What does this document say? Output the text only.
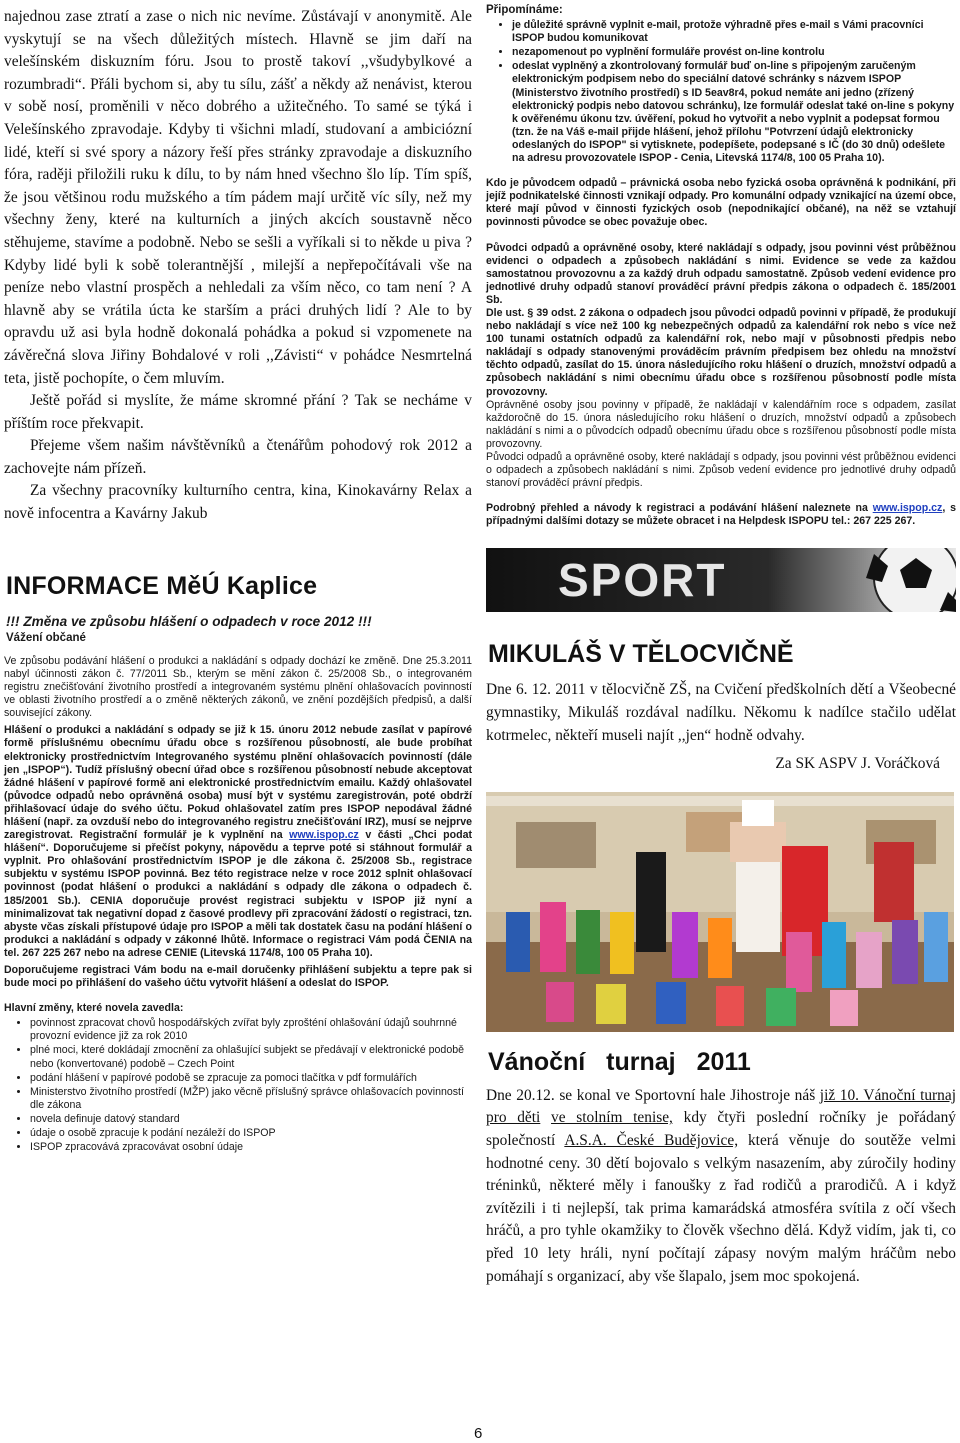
najednou zase ztratí a zase o nich nic nevíme. Zůstávají v anonymitě. Ale vyskytují se na všech důležitých místech. Hlavně se jim daří na velešínském diskuzním fóru. Jsou to prostě takoví ,,všudybylkové a rozumbradi“. Přáli bychom si, aby tu sílu, zášť a někdy až nenávist, kterou v sobě nosí, proměnili v něco dobrého a užitečného. To samé se týká i Velešínského zpravodaje. Kdyby ti všichni mladí, studovaní a ambiciózní lidé, kteří si své spory a názory řeší přes stránky zpravodaje a diskuzního fóra, raději přiložili ruku k dílu, to by nám hned všechno šlo líp. Tím spíš, že jsou většinou rodu mužského a tím pádem mají určitě víc síly, než my všechny ženy, které na kulturních a jiných akcích soustavně něco stěhujeme, stavíme a podobně. Nebo se sešli a vyříkali si to někde u piva ? Kdyby lidé byli k sobě tolerantnější , milejší a nepřepočítávali vše na peníze nebo vlastní prospěch a nehledali za vším něco, co tam není ? A hlavně aby se vrátila úcta ke starším a práci druhých lidí ? Ale to by opravdu už asi byla hodně dokonalá pohádka a pokud si vzpomenete na závěrečná slova Jiřiny Bohdalové v roli ,,Závisti“ v pohádce Nesmrtelná teta, jistě pochopíte, o čem mluvím.

Ještě pořád si myslíte, že máme skromné přání ? Tak se necháme v příštím roce překvapit.

Přejeme všem našim návštěvníků a čtenářům pohodový rok 2012 a zachovejte nám přízeň.

Za všechny pracovníky kulturního centra, kina, Kinokavárny Relax a nově infocentra a Kavárny Jakub

INFORMACE MěÚ Kaplice

!!! Změna ve způsobu hlášení o odpadech v roce 2012 !!!

Vážení občané

Ve způsobu podávání hlášení o produkci a nakládání s odpady dochází ke změně. Dne 25.3.2011 nabyl účinnosti zákon č. 77/2011 Sb., kterým se mění zákon č. 25/2008 Sb., o integrovaném registru znečišťování životního prostředí a integrovaném systému plnění ohlašovacích povinností ve oblasti životního prostředí a o změně některých zákonů, ve znění pozdějších předpisů, a další související zákony.

Hlášení o produkci a nakládání s odpady se již k 15. únoru 2012 nebude zasílat v papírové formě příslušnému obecnímu úřadu obce s rozšířenou působností, ale bude probíhat elektronicky prostřednictvím Integrovaného systému plnění ohlašovacích povinností (dále jen „ISPOP“). Tudíž příslušný obecní úřad obce s rozšířenou působností nebude akceptovat žádné hlášení v papírové formě ani elektronické prostřednictvím emailu. Každý ohlašovatel (původce odpadů nebo oprávněná osoba) musí být v systému zaregistrován, poté obdrží přihlašovací údaje do svého účtu. Pokud ohlašovatel zatím pres ISPOP nepodával žádné hlášení (např. za ovzduší nebo do integrovaného registru znečišťování IRZ), musí se nejprve zaregistrovat. Registrační formulář je k vyplnění na www.ispop.cz v části „Chci podat hlášení“. Doporučujeme si přečíst pokyny, nápovědu a teprve poté si stáhnout formulář a vyplnit. Pro ohlašování prostřednictvím ISPOP je dle zákona č. 25/2008 Sb., registrace subjektu v systému ISPOP povinná. Bez této registrace nelze v roce 2012 splnit ohlašovací povinnost (podat hlášení o produkci a nakládání s odpady dle zákona o odpadech č. 185/2001 Sb.). CENIA doporučuje provést registraci subjektu v ISPOP již nyní a minimalizovat tak negativní dopad z časové prodlevy při zpracování žádostí o registraci, tzn. abyste včas získali přístupové údaje pro ISPOP a měli tak dostatek času na podání hlášení o produkci a nakládání s odpady v zákonné lhůtě. Informace o registraci Vám podá ČENIA na tel. 267 225 267 nebo na adrese CENIE (Litevská 1174/8, 100 05 Praha 10).

Doporučujeme registraci Vám bodu na e-mail doručenky přihlášení subjektu a tepre pak si bude moci po přihlášení do vašeho účtu vytvořit hlášení a odeslat do ISPOP.

Hlavní změny, které novela zavedla:

• povinnost zpracovat chovů hospodářských zvířat byly zprošténí ohlašování údajů souhrnné provozní evidence již za rok 2010
• plné moci, které dokládají zmocnění za ohlašující subjekt se předávají v elektronické podobě nebo (konvertované) podobě – Czech Point
• podání hlášení v papírové podobě se zpracuje za pomoci tlačítka v pdf formulářích
• Ministerstvo životního prostředí (MŽP) jako věcně příslušný správce ohlašovacích povinností dle zákona
• novela definuje datový standard
• údaje o osobě zpracuje k podání nezáleží do ISPOP
• ISPOP zpracovává zpracovávat osobní údaje

Připomínáme:

• je důležité správně vyplnit e-mail, protože výhradně přes e-mail s Vámi pracovníci ISPOP budou komunikovat
• nezapomenout po vyplnění formuláře provést on-line kontrolu
• odeslat vyplněný a zkontrolovaný formulář buď on-line s připojeným zaručeným elektronickým podpisem nebo do speciální datové schránky s názvem ISPOP (Ministerstvo životního prostředí) s ID 5eav8r4, pokud nemáte ani jedno (zřízený elektronický podpis nebo datovou schránku), lze formulář odeslat také on-line s pokyny k ověřenému úkonu tzv. úvěření, pokud ho vytvořit a nebo vyplnit a podepsat formou (tzn. že na Váš e-mail přijde hlášení, jehož přílohu "Potvrzení údajů elektronicky odeslaných do ISPOP" si vytisknete, podepíšete, podepsané s IČ (do 30 dnů) odešlete na adresu provozovatele ISPOP - Cenia, Litevská 1174/8, 100 05 Praha 10).

Kdo je původcem odpadů – právnická osoba nebo fyzická osoba oprávněná k podnikání, při jejíž podnikatelské činnosti vznikají odpady. Pro komunální odpady vznikající na území obce, které mají původ v činnosti fyzických osob (nepodnikající občané), na něž se vztahují povinnosti původce se obec považuje obec.

Původci odpadů a oprávněné osoby, které nakládají s odpady, jsou povinni vést průběžnou evidenci o odpadech a způsobech nakládání s nimi. Evidence se vede za každou samostatnou provozovnu a za každý druh odpadu samostatně. Způsob vedení evidence pro jednotlivé druhy odpadů stanoví prováděcí právní předpis zákona o odpadech č. 185/2001 Sb.

Dle ust. § 39 odst. 2 zákona o odpadech jsou původci odpadů povinni v případě, že produkují nebo nakládají s více než 100 kg nebezpečných odpadů za kalendářní rok nebo s více než 100 tunami ostatních odpadů za kalendářní rok, nebo mají v působnosti předpis nebo nakládají s odpady stanovenými prováděcím právním předpisem bez ohledu na množství těchto odpadů, zasílat do 15. února následujícího roku hlášení o druzích, množství odpadů a způsobech nakládání s nimi obecnímu úřadu obce s rozšířenou působností podle místa provozovny.

Oprávněné osoby jsou povinny v případě, že nakládají v kalendářním roce s odpadem, zasílat každoročně do 15. února následujícího roku hlášení o druzích, množství odpadů a způsobech nakládání s nimi a o původcích odpadů obecnímu úřadu obce s rozšířenou působností podle místa provozovny.

Původci odpadů a oprávněné osoby, které nakládají s odpady, jsou povinni vést průběžnou evidenci o odpadech a způsobech nakládání s nimi. Způsob vedení evidence pro jednotlivé druhy odpadů stanoví prováděcí právní předpis.

Podrobný přehled a návody k registraci a podávání hlášení naleznete na www.ispop.cz, s případnými dalšími dotazy se můžete obracet i na Helpdesk ISPOPU tel.: 267 225 267.

SPORT
MIKULÁŠ V TĚLOCVIČNĚ

Dne 6. 12. 2011 v tělocvičně ZŠ, na Cvičení předškolních dětí a Všeobecné gymnastiky, Mikuláš rozdával nadílku. Někomu k nadílce stačilo udělat kotrmelec, někteří museli najít ,,jen“ hodně odvahy.

Za SK ASPV J. Voráčková

Vánoční turnaj 2011

Dne 20.12. se konal ve Sportovní hale Jihostroje náš již 10. Vánoční turnaj pro děti ve stolním tenise, kdy čtyři poslední ročníky je pořádaný společností A.S.A. České Budějovice, která věnuje do soutěže velmi hodnotné ceny. 30 dětí bojovalo s velkým nasazením, aby zúročily hodiny tréninků, některé měly i fanoušky z řad rodičů a prarodičů. A i když zvítězili i ti nejlepší, tak prima kamarádská atmosféra svítila z očí všech hráčů, a pro tyhle okamžiky to člověk všechno dělá. Když vidím, jak ti, co před 10 lety hráli, nyní počítají zápasy novým malým hráčům nebo pomáhají s organizací, aby vše šlapalo, jsem moc spokojená.

6
